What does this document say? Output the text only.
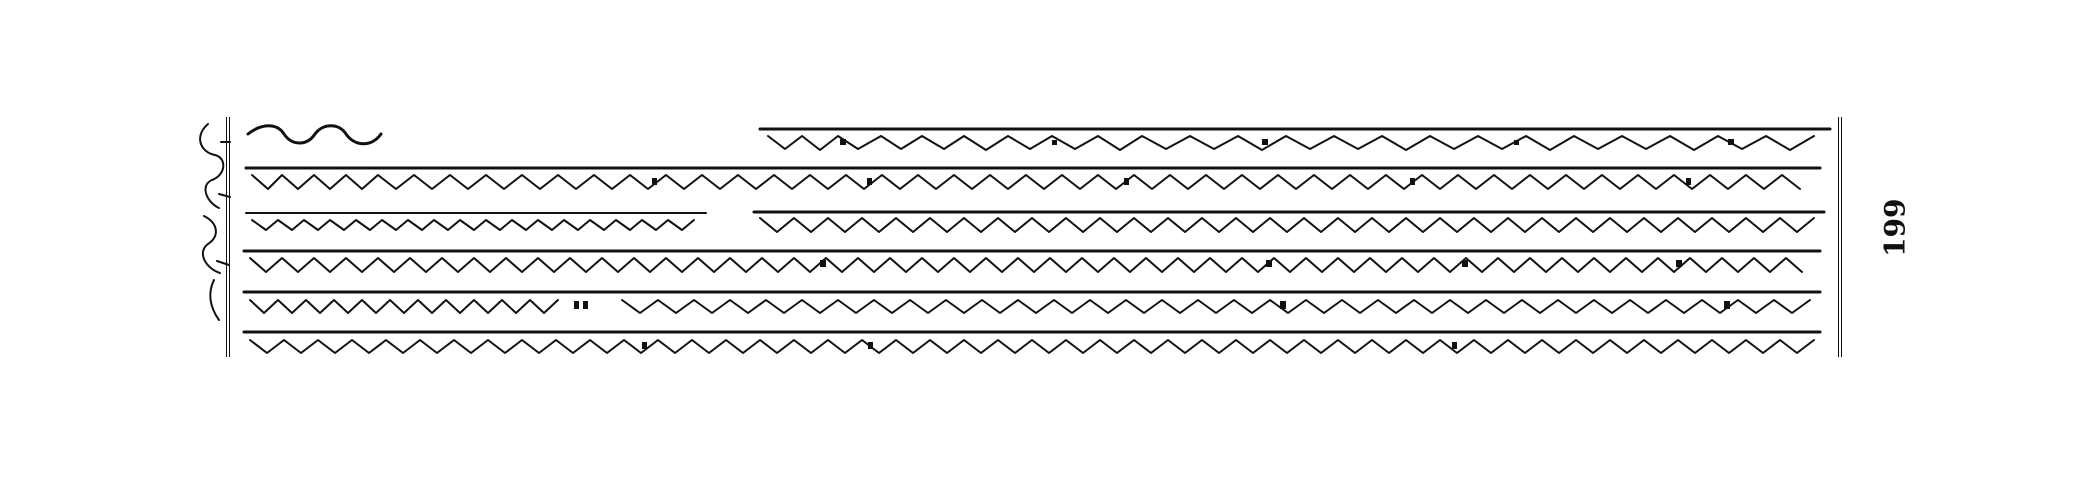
199
